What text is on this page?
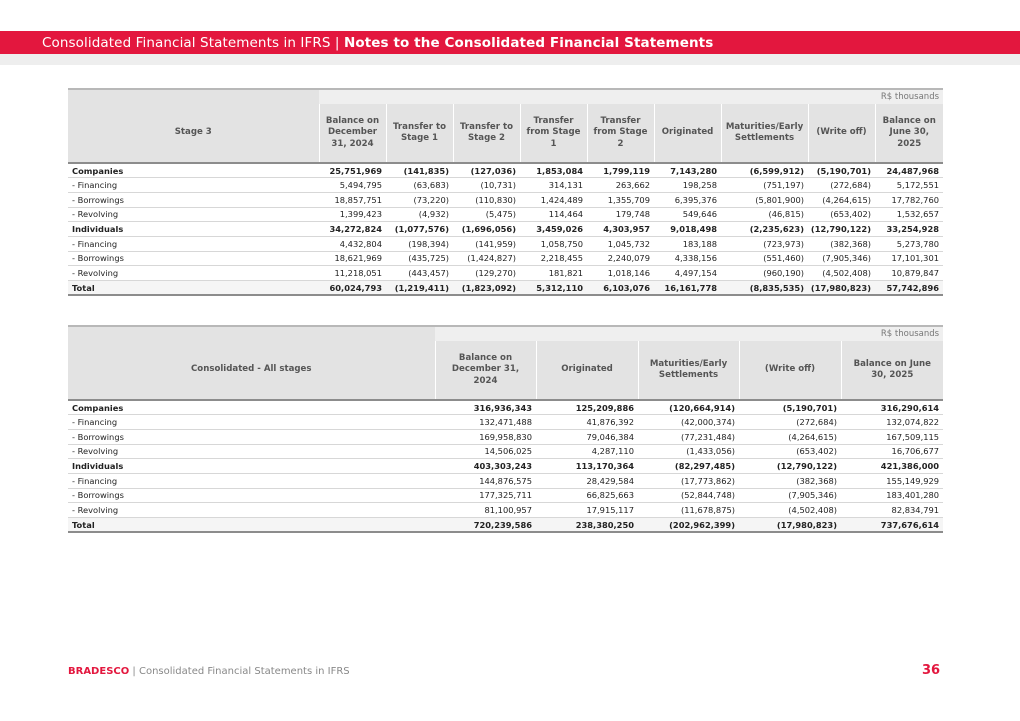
Consolidated Financial Statements in IFRS | Notes to the Consolidated Financial Statements
	R$ thousands								
Stage 3	Balance on December 31, 2024	Transfer to Stage 1	Transfer to Stage 2	Transfer from Stage 1	Transfer from Stage 2	Originated	Maturities/Early Settlements	(Write off)	Balance on June 30, 2025
Companies	25,751,969	(141,835)	(127,036)	1,853,084	1,799,119	7,143,280	(6,599,912)	(5,190,701)	24,487,968
- Financing	5,494,795	(63,683)	(10,731)	314,131	263,662	198,258	(751,197)	(272,684)	5,172,551
- Borrowings	18,857,751	(73,220)	(110,830)	1,424,489	1,355,709	6,395,376	(5,801,900)	(4,264,615)	17,782,760
- Revolving	1,399,423	(4,932)	(5,475)	114,464	179,748	549,646	(46,815)	(653,402)	1,532,657
Individuals	34,272,824	(1,077,576)	(1,696,056)	3,459,026	4,303,957	9,018,498	(2,235,623)	(12,790,122)	33,254,928
- Financing	4,432,804	(198,394)	(141,959)	1,058,750	1,045,732	183,188	(723,973)	(382,368)	5,273,780
- Borrowings	18,621,969	(435,725)	(1,424,827)	2,218,455	2,240,079	4,338,156	(551,460)	(7,905,346)	17,101,301
- Revolving	11,218,051	(443,457)	(129,270)	181,821	1,018,146	4,497,154	(960,190)	(4,502,408)	10,879,847
Total	60,024,793	(1,219,411)	(1,823,092)	5,312,110	6,103,076	16,161,778	(8,835,535)	(17,980,823)	57,742,896
	R$ thousands				
Consolidated - All stages	Balance on December 31, 2024	Originated	Maturities/Early Settlements	(Write off)	Balance on June 30, 2025
Companies	316,936,343	125,209,886	(120,664,914)	(5,190,701)	316,290,614
- Financing	132,471,488	41,876,392	(42,000,374)	(272,684)	132,074,822
- Borrowings	169,958,830	79,046,384	(77,231,484)	(4,264,615)	167,509,115
- Revolving	14,506,025	4,287,110	(1,433,056)	(653,402)	16,706,677
Individuals	403,303,243	113,170,364	(82,297,485)	(12,790,122)	421,386,000
- Financing	144,876,575	28,429,584	(17,773,862)	(382,368)	155,149,929
- Borrowings	177,325,711	66,825,663	(52,844,748)	(7,905,346)	183,401,280
- Revolving	81,100,957	17,915,117	(11,678,875)	(4,502,408)	82,834,791
Total	720,239,586	238,380,250	(202,962,399)	(17,980,823)	737,676,614
BRADESCO | Consolidated Financial Statements in IFRS	36
